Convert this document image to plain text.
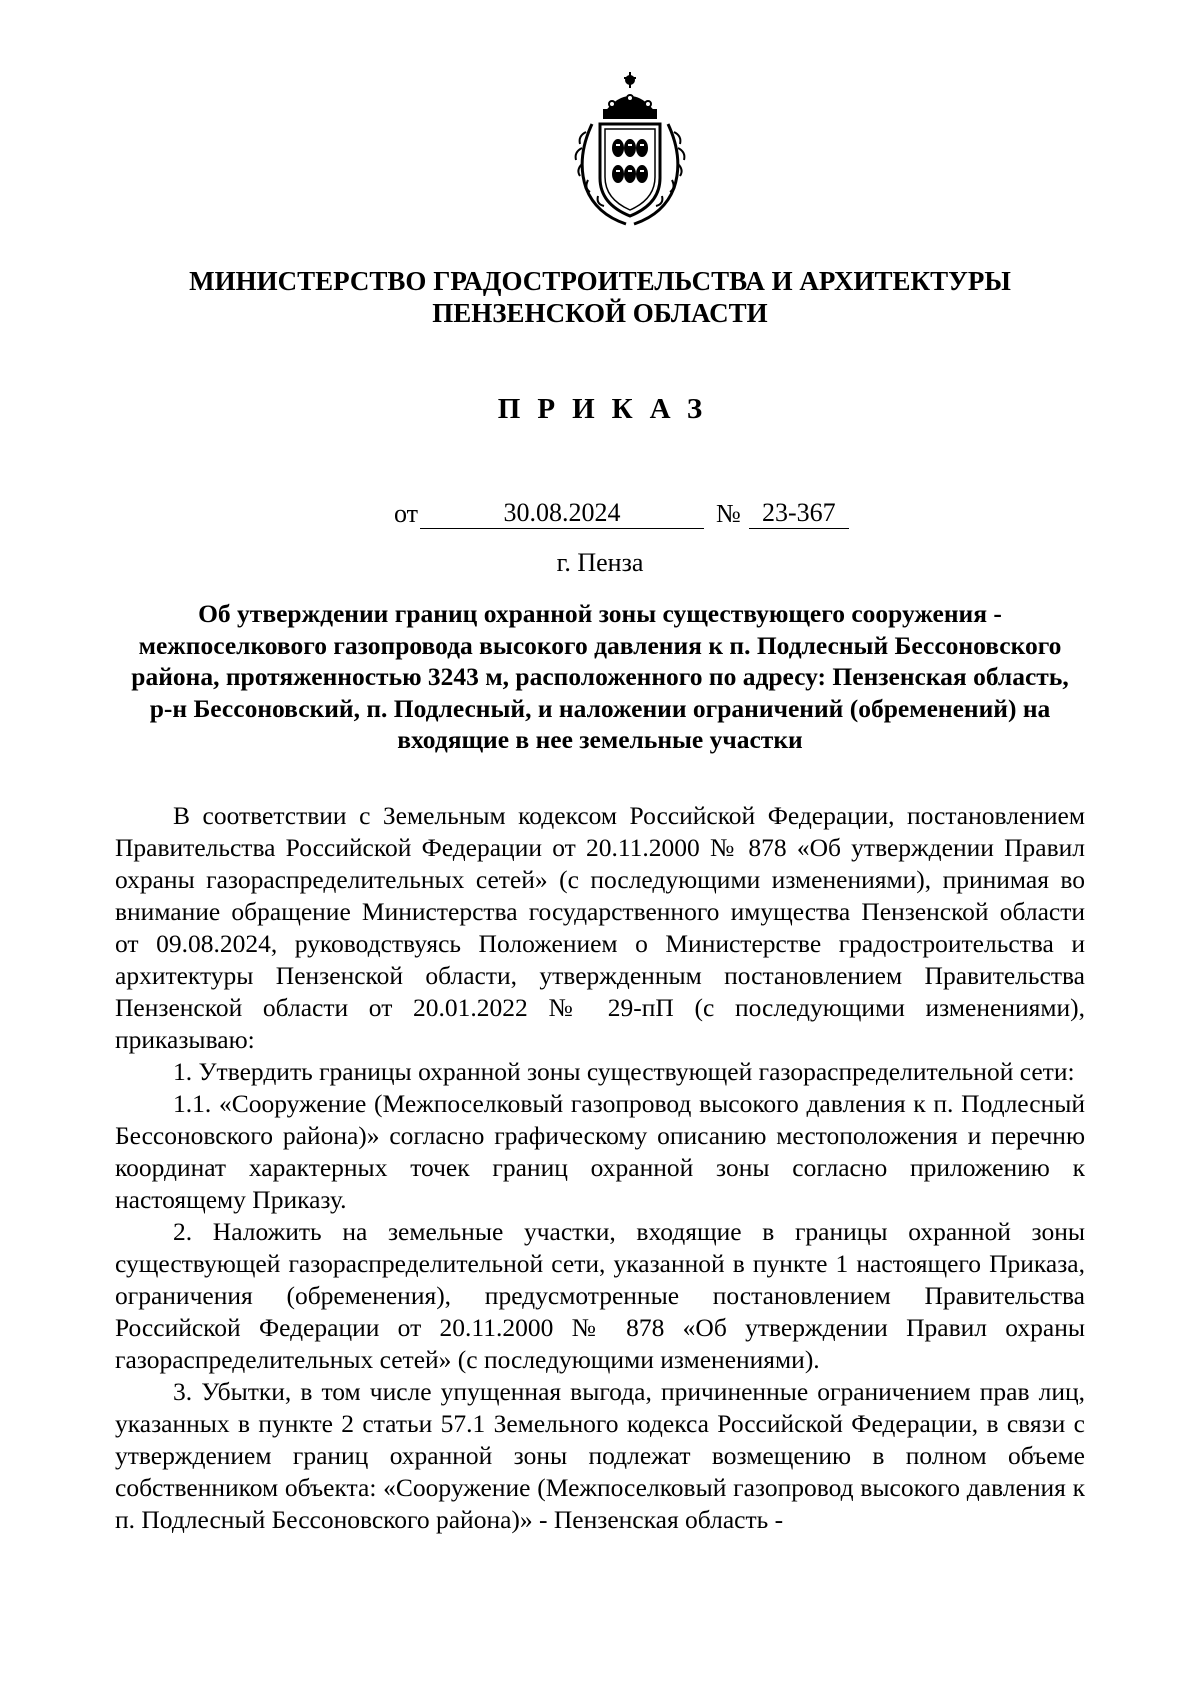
МИНИСТЕРСТВО ГРАДОСТРОИТЕЛЬСТВА И АРХИТЕКТУРЫ
ПЕНЗЕНСКОЙ ОБЛАСТИ
ПРИКАЗ
от	30.08.2024	№ 23-367
г. Пенза
Об утверждении границ охранной зоны существующего сооружения - межпоселкового газопровода высокого давления к п. Подлесный Бессоновского района, протяженностью 3243 м, расположенного по адресу: Пензенская область, р-н Бессоновский, п. Подлесный, и наложении ограничений (обременений) на входящие в нее земельные участки

В соответствии с Земельным кодексом Российской Федерации, постановлением Правительства Российской Федерации от 20.11.2000 № 878 «Об утверждении Правил охраны газораспределительных сетей» (с последующими изменениями), принимая во внимание обращение Министерства государственного имущества Пензенской области от 09.08.2024, руководствуясь Положением о Министерстве градостроительства и архитектуры Пензенской области, утвержденным постановлением Правительства Пензенской области от 20.01.2022 № 29-пП (с последующими изменениями), приказываю:

1. Утвердить границы охранной зоны существующей газораспределительной сети:

1.1. «Сооружение (Межпоселковый газопровод высокого давления к п. Подлесный Бессоновского района)» согласно графическому описанию местоположения и перечню координат характерных точек границ охранной зоны согласно приложению к настоящему Приказу.

2. Наложить на земельные участки, входящие в границы охранной зоны существующей газораспределительной сети, указанной в пункте 1 настоящего Приказа, ограничения (обременения), предусмотренные постановлением Правительства Российской Федерации от 20.11.2000 № 878 «Об утверждении Правил охраны газораспределительных сетей» (с последующими изменениями).

3. Убытки, в том числе упущенная выгода, причиненные ограничением прав лиц, указанных в пункте 2 статьи 57.1 Земельного кодекса Российской Федерации, в связи с утверждением границ охранной зоны подлежат возмещению в полном объеме собственником объекта: «Сооружение (Межпоселковый газопровод высокого давления к п. Подлесный Бессоновского района)» - Пензенская область -
